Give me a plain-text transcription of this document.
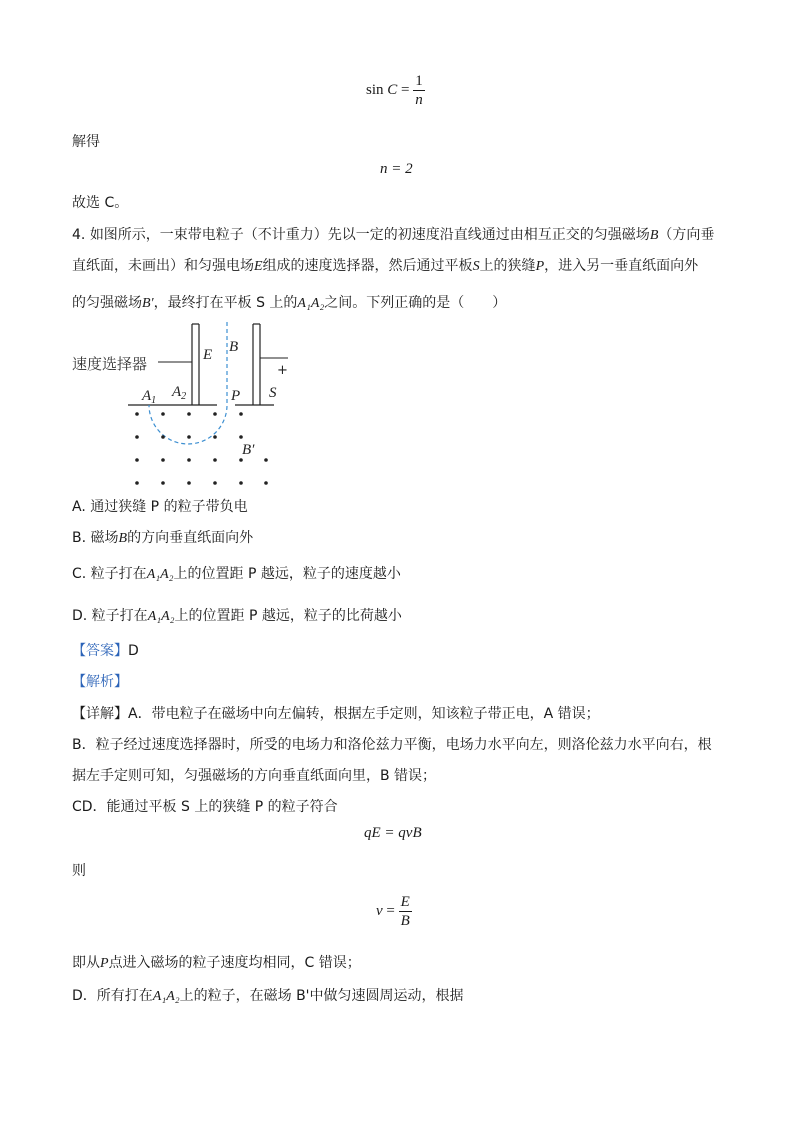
$\sin C = \frac{1}{n}$
解得
n = 2
故选 C。
4. 如图所示，一束带电粒子（不计重力）先以一定的初速度沿直线通过由相互正交的匀强磁场B（方向垂
直纸面，未画出）和匀强电场E组成的速度选择器，然后通过平板S上的狭缝P，进入另一垂直纸面向外
的匀强磁场B′，最终打在平板 S 上的A₁A₂之间。下列正确的是（　　）
速度选择器	E B
+
S
P
$A_1$
$A_2$
B′
A. 通过狭缝 P 的粒子带负电
B. 磁场B的方向垂直纸面向外
C. 粒子打在A₁A₂上的位置距 P 越远，粒子的速度越小
D. 粒子打在A₁A₂上的位置距 P 越远，粒子的比荷越小
【答案】D
【解析】
【详解】A．带电粒子在磁场中向左偏转，根据左手定则，知该粒子带正电，A 错误；
B．粒子经过速度选择器时，所受的电场力和洛伦兹力平衡，电场力水平向左，则洛伦兹力水平向右，根
据左手定则可知，匀强磁场的方向垂直纸面向里，B 错误；
CD．能通过平板 S 上的狭缝 P 的粒子符合
qE = qvB
则
$v = \frac{E}{B}$
即从P点进入磁场的粒子速度均相同，C 错误；
D．所有打在A₁A₂上的粒子，在磁场 B'中做匀速圆周运动，根据
